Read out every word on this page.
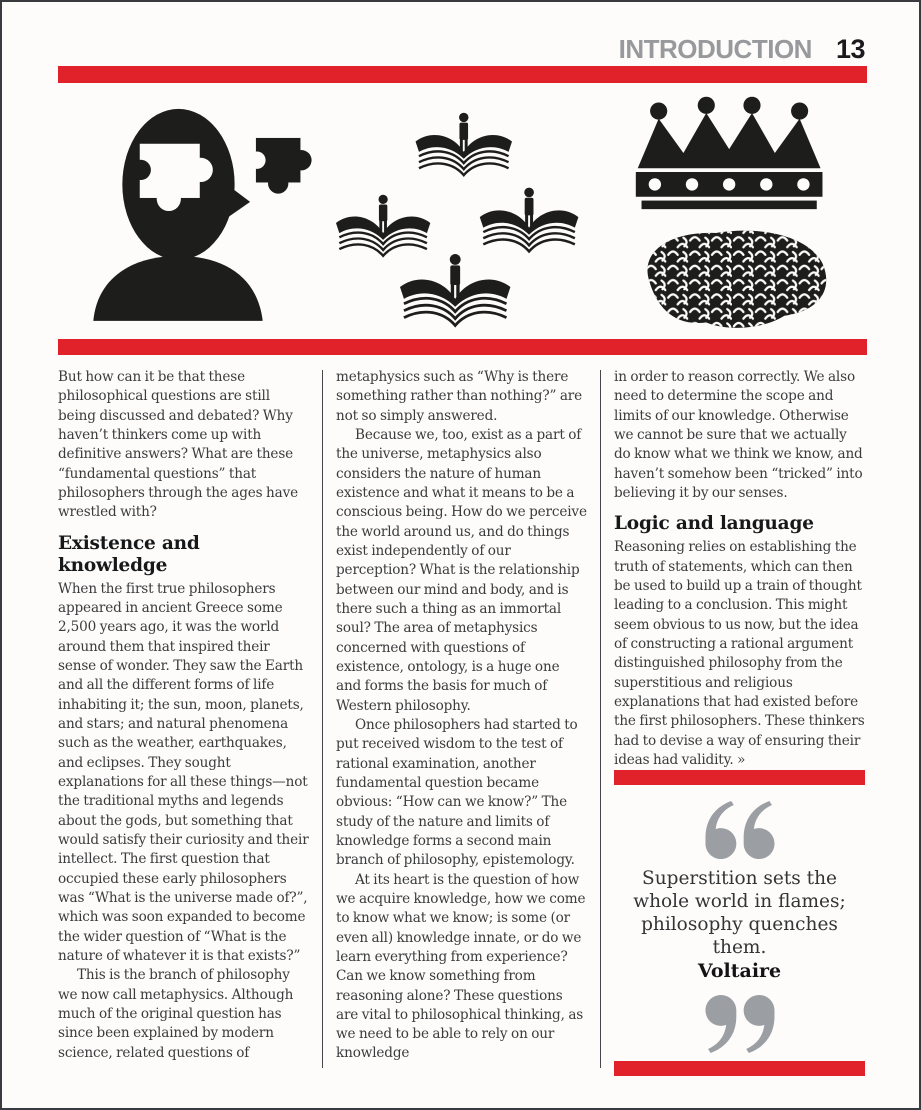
INTRODUCTION 13

But how can it be that these philosophical questions are still being discussed and debated? Why haven’t thinkers come up with definitive answers? What are these “fundamental questions” that philosophers through the ages have wrestled with?

Existence and knowledge

When the first true philosophers appeared in ancient Greece some 2,500 years ago, it was the world around them that inspired their sense of wonder. They saw the Earth and all the different forms of life inhabiting it; the sun, moon, planets, and stars; and natural phenomena such as the weather, earthquakes, and eclipses. They sought explanations for all these things—not the traditional myths and legends about the gods, but something that would satisfy their curiosity and their intellect. The first question that occupied these early philosophers was “What is the universe made of?”, which was soon expanded to become the wider question of “What is the nature of whatever it is that exists?”

This is the branch of philosophy we now call metaphysics. Although much of the original question has since been explained by modern science, related questions of

metaphysics such as “Why is there something rather than nothing?” are not so simply answered.

Because we, too, exist as a part of the universe, metaphysics also considers the nature of human existence and what it means to be a conscious being. How do we perceive the world around us, and do things exist independently of our perception? What is the relationship between our mind and body, and is there such a thing as an immortal soul? The area of metaphysics concerned with questions of existence, ontology, is a huge one and forms the basis for much of Western philosophy.

Once philosophers had started to put received wisdom to the test of rational examination, another fundamental question became obvious: “How can we know?” The study of the nature and limits of knowledge forms a second main branch of philosophy, epistemology.

At its heart is the question of how we acquire knowledge, how we come to know what we know; is some (or even all) knowledge innate, or do we learn everything from experience? Can we know something from reasoning alone? These questions are vital to philosophical thinking, as we need to be able to rely on our knowledge

in order to reason correctly. We also need to determine the scope and limits of our knowledge. Otherwise we cannot be sure that we actually do know what we think we know, and haven’t somehow been “tricked” into believing it by our senses.

Logic and language

Reasoning relies on establishing the truth of statements, which can then be used to build up a train of thought leading to a conclusion. This might seem obvious to us now, but the idea of constructing a rational argument distinguished philosophy from the superstitious and religious explanations that had existed before the first philosophers. These thinkers had to devise a way of ensuring their ideas had validity. »

Superstition sets the whole world in flames; philosophy quenches them.
Voltaire
